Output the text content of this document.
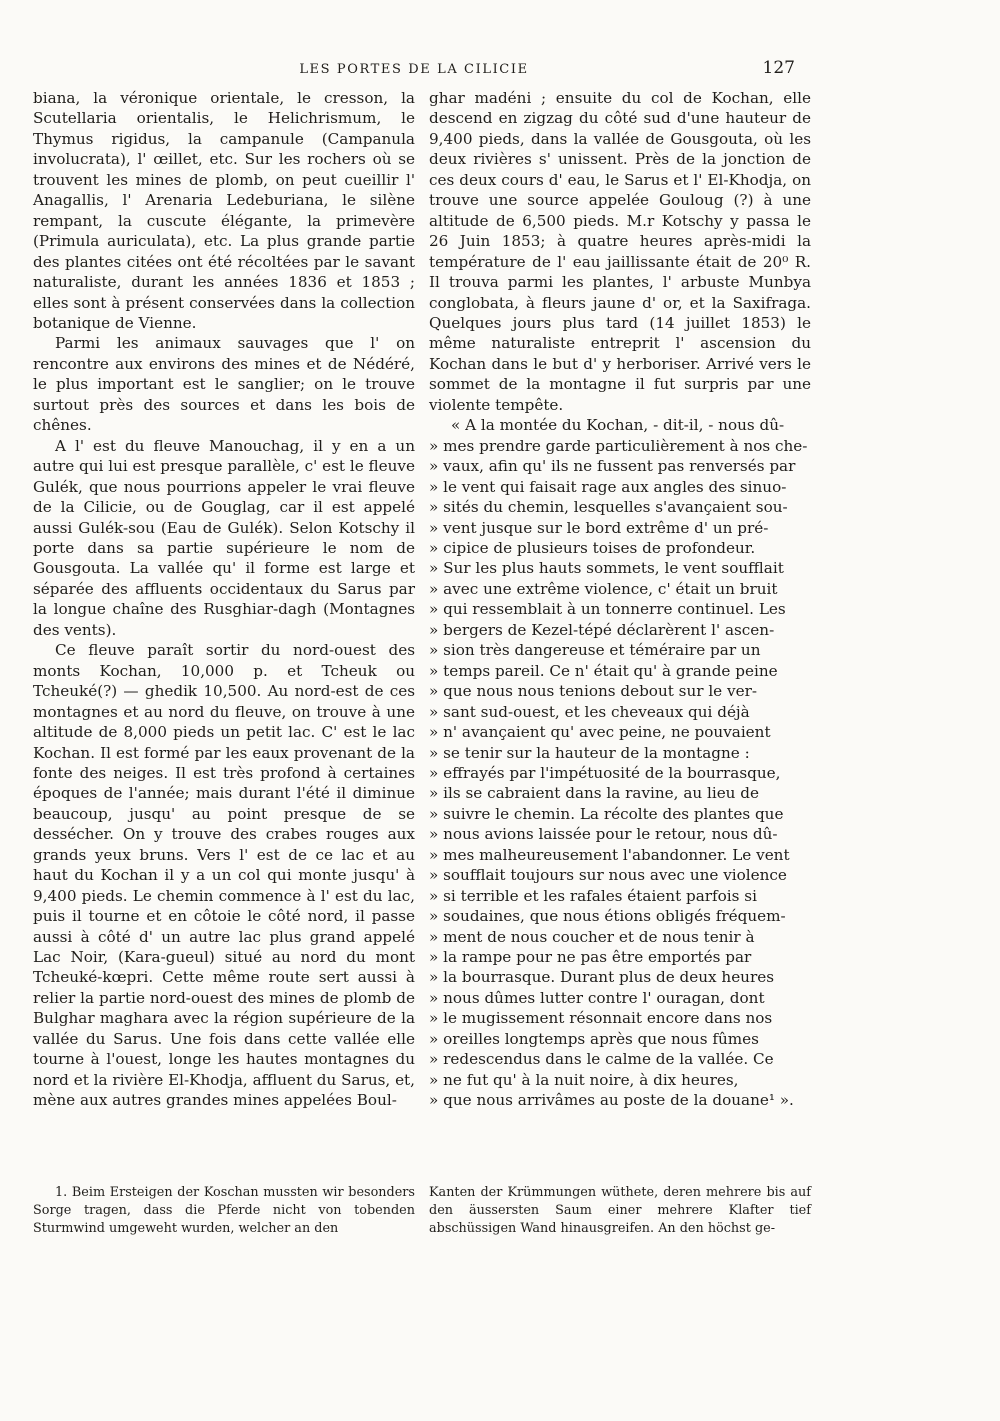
LES PORTES DE LA CILICIE	127

biana, la véronique orientale, le cresson, la Scutellaria orientalis, le Helichrismum, le Thymus rigidus, la campanule (Campanula involucrata), l' œillet, etc. Sur les rochers où se trouvent les mines de plomb, on peut cueillir l' Anagallis, l' Arenaria Ledeburiana, le silène rempant, la cuscute élégante, la primevère (Primula auriculata), etc. La plus grande partie des plantes citées ont été récoltées par le savant naturaliste, durant les années 1836 et 1853 ; elles sont à présent conservées dans la collection botanique de Vienne.

Parmi les animaux sauvages que l' on rencontre aux environs des mines et de Nédéré, le plus important est le sanglier; on le trouve surtout près des sources et dans les bois de chênes.

A l' est du fleuve Manouchag, il y en a un autre qui lui est presque parallèle, c' est le fleuve Gulék, que nous pourrions appeler le vrai fleuve de la Cilicie, ou de Gouglag, car il est appelé aussi Gulék-sou (Eau de Gulék). Selon Kotschy il porte dans sa partie supérieure le nom de Gousgouta. La vallée qu' il forme est large et séparée des affluents occidentaux du Sarus par la longue chaîne des Rusghiar-dagh (Montagnes des vents).

Ce fleuve paraît sortir du nord-ouest des monts Kochan, 10,000 p. et Tcheuk ou Tcheuké(?) — ghedik 10,500. Au nord-est de ces montagnes et au nord du fleuve, on trouve à une altitude de 8,000 pieds un petit lac. C' est le lac Kochan. Il est formé par les eaux provenant de la fonte des neiges. Il est très profond à certaines époques de l'année; mais durant l'été il diminue beaucoup, jusqu' au point presque de se dessécher. On y trouve des crabes rouges aux grands yeux bruns. Vers l' est de ce lac et au haut du Kochan il y a un col qui monte jusqu' à 9,400 pieds. Le chemin commence à l' est du lac, puis il tourne et en côtoie le côté nord, il passe aussi à côté d' un autre lac plus grand appelé Lac Noir, (Kara-gueul) situé au nord du mont Tcheuké-kœpri. Cette même route sert aussi à relier la partie nord-ouest des mines de plomb de Bulghar maghara avec la région supérieure de la vallée du Sarus. Une fois dans cette vallée elle tourne à l'ouest, longe les hautes montagnes du nord et la rivière El-Khodja, affluent du Sarus, et, mène aux autres grandes mines appelées Boul-

ghar madéni ; ensuite du col de Kochan, elle descend en zigzag du côté sud d'une hauteur de 9,400 pieds, dans la vallée de Gousgouta, où les deux rivières s' unissent. Près de la jonction de ces deux cours d' eau, le Sarus et l' El-Khodja, on trouve une source appelée Gouloug (?) à une altitude de 6,500 pieds. M.r Kotschy y passa le 26 Juin 1853; à quatre heures après-midi la température de l' eau jaillissante était de 20⁰ R. Il trouva parmi les plantes, l' arbuste Munbya conglobata, à fleurs jaune d' or, et la Saxifraga. Quelques jours plus tard (14 juillet 1853) le même naturaliste entreprit l' ascension du Kochan dans le but d' y herboriser. Arrivé vers le sommet de la montagne il fut surpris par une violente tempête.

« A la montée du Kochan, - dit-il, - nous dû-
» mes prendre garde particulièrement à nos che-
» vaux, afin qu' ils ne fussent pas renversés par
» le vent qui faisait rage aux angles des sinuo-
» sités du chemin, lesquelles s'avançaient sou-
» vent jusque sur le bord extrême d' un pré-
» cipice de plusieurs toises de profondeur.
» Sur les plus hauts sommets, le vent soufflait
» avec une extrême violence, c' était un bruit
» qui ressemblait à un tonnerre continuel. Les
» bergers de Kezel-tépé déclarèrent l' ascen-
» sion très dangereuse et téméraire par un
» temps pareil. Ce n' était qu' à grande peine
» que nous nous tenions debout sur le ver-
» sant sud-ouest, et les cheveaux qui déjà
» n' avançaient qu' avec peine, ne pouvaient
» se tenir sur la hauteur de la montagne :
» effrayés par l'impétuosité de la bourrasque,
» ils se cabraient dans la ravine, au lieu de
» suivre le chemin. La récolte des plantes que
» nous avions laissée pour le retour, nous dû-
» mes malheureusement l'abandonner. Le vent
» soufflait toujours sur nous avec une violence
» si terrible et les rafales étaient parfois si
» soudaines, que nous étions obligés fréquem-
» ment de nous coucher et de nous tenir à
» la rampe pour ne pas être emportés par
» la bourrasque. Durant plus de deux heures
» nous dûmes lutter contre l' ouragan, dont
» le mugissement résonnait encore dans nos
» oreilles longtemps après que nous fûmes
» redescendus dans le calme de la vallée. Ce
» ne fut qu' à la nuit noire, à dix heures,
» que nous arrivâmes au poste de la douane¹ ».

1. Beim Ersteigen der Koschan mussten wir besonders Sorge tragen, dass die Pferde nicht von tobenden Sturmwind umgeweht wurden, welcher an den

Kanten der Krümmungen wüthete, deren mehrere bis auf den äussersten Saum einer mehrere Klafter tief abschüssigen Wand hinausgreifen. An den höchst ge-
